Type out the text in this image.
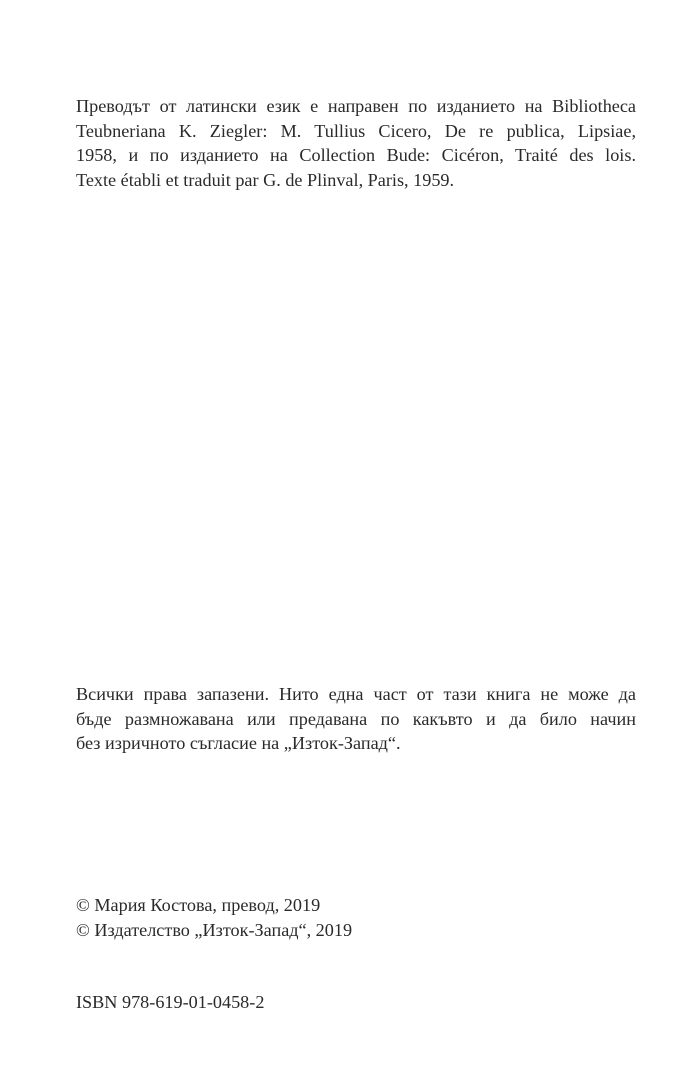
Преводът от латински език е направен по изданието на Bibliotheca
Teubneriana K. Ziegler: M. Tullius Cicero, De re publica, Lipsiae,
1958, и по изданието на Collection Bude: Cicéron, Traité des lois.
Texte établi et traduit par G. de Plinval, Paris, 1959.
Всички права запазени. Нито една част от тази книга не може да
бъде размножавана или предавана по какъвто и да било начин
без изричното съгласие на „Изток-Запад“.
© Мария Костова, превод, 2019
© Издателство „Изток-Запад“, 2019
ISBN 978-619-01-0458-2
